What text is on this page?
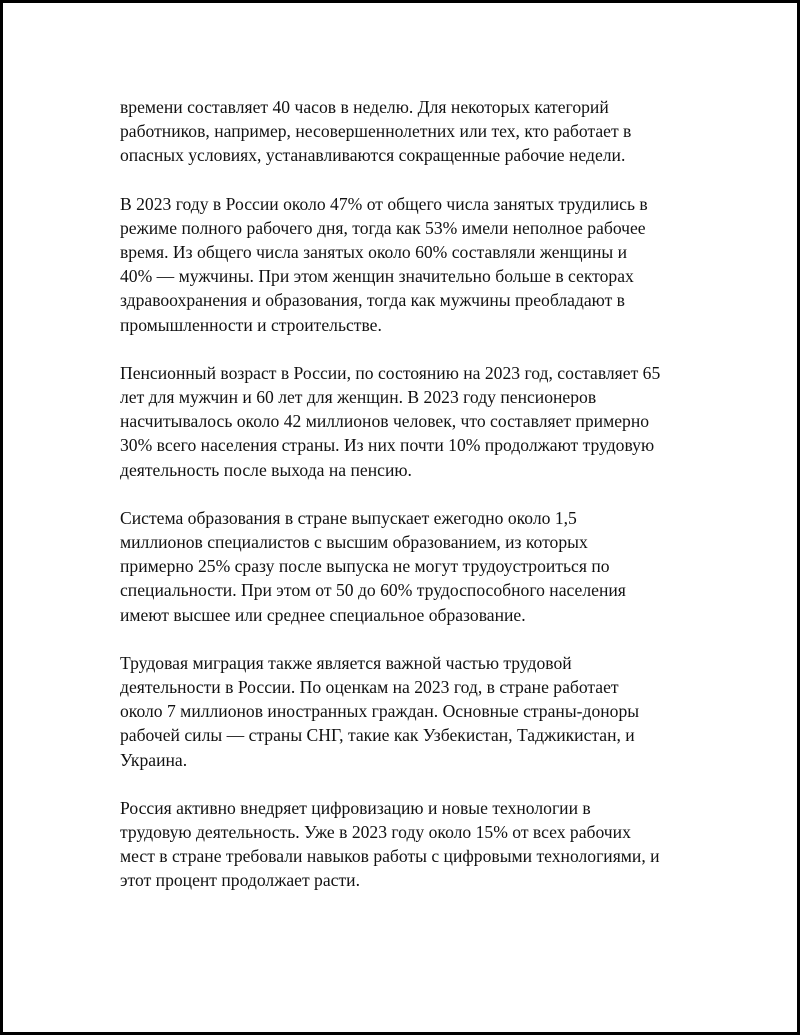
времени составляет 40 часов в неделю. Для некоторых категорий
работников, например, несовершеннолетних или тех, кто работает в
опасных условиях, устанавливаются сокращенные рабочие недели.

В 2023 году в России около 47% от общего числа занятых трудились в
режиме полного рабочего дня, тогда как 53% имели неполное рабочее
время. Из общего числа занятых около 60% составляли женщины и
40% — мужчины. При этом женщин значительно больше в секторах
здравоохранения и образования, тогда как мужчины преобладают в
промышленности и строительстве.

Пенсионный возраст в России, по состоянию на 2023 год, составляет 65
лет для мужчин и 60 лет для женщин. В 2023 году пенсионеров
насчитывалось около 42 миллионов человек, что составляет примерно
30% всего населения страны. Из них почти 10% продолжают трудовую
деятельность после выхода на пенсию.

Система образования в стране выпускает ежегодно около 1,5
миллионов специалистов с высшим образованием, из которых
примерно 25% сразу после выпуска не могут трудоустроиться по
специальности. При этом от 50 до 60% трудоспособного населения
имеют высшее или среднее специальное образование.

Трудовая миграция также является важной частью трудовой
деятельности в России. По оценкам на 2023 год, в стране работает
около 7 миллионов иностранных граждан. Основные страны-доноры
рабочей силы — страны СНГ, такие как Узбекистан, Таджикистан, и
Украина.

Россия активно внедряет цифровизацию и новые технологии в
трудовую деятельность. Уже в 2023 году около 15% от всех рабочих
мест в стране требовали навыков работы с цифровыми технологиями, и
этот процент продолжает расти.
